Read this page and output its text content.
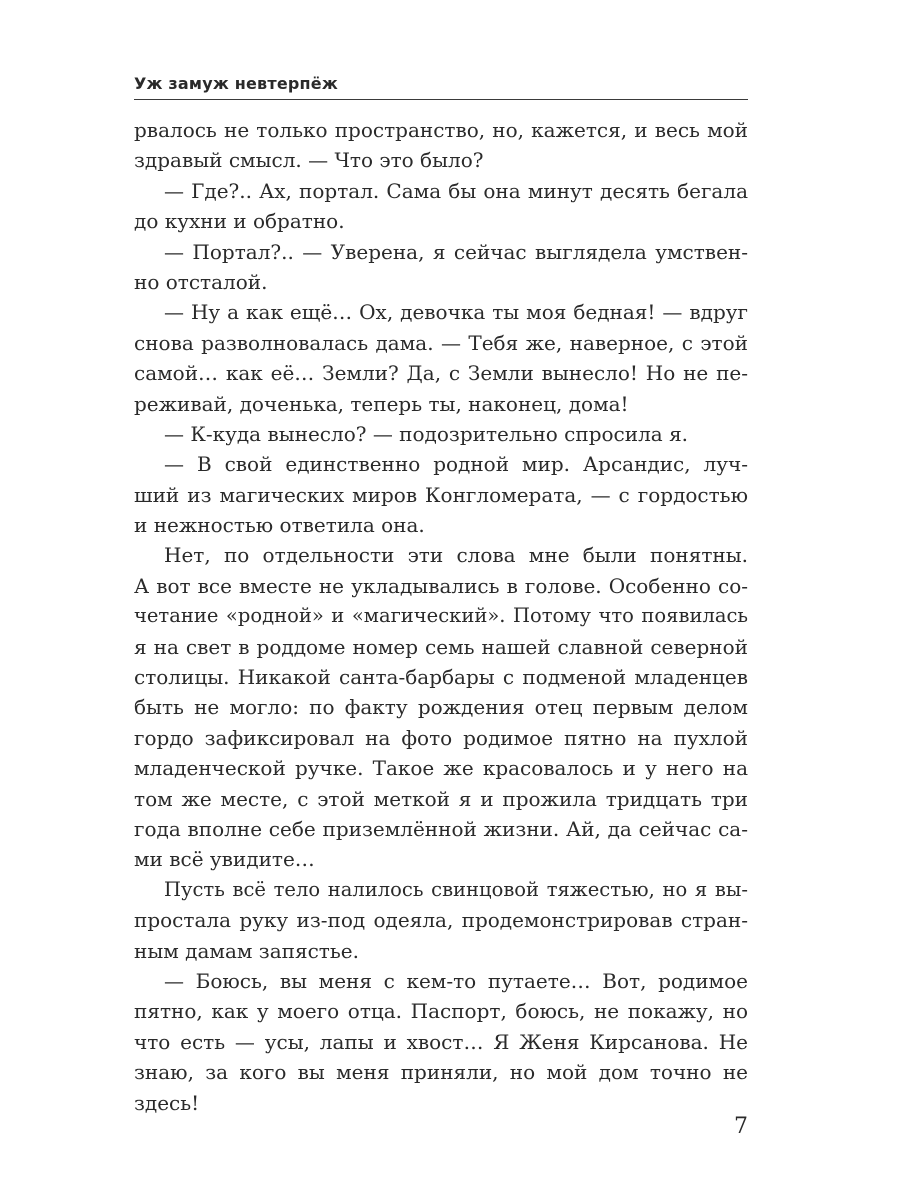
Уж замуж невтерпёж
рвалось не только пространство, но, кажется, и весь мой
здравый смысл. — Что это было?
— Где?.. Ах, портал. Сама бы она минут десять бегала
до кухни и обратно.
— Портал?.. — Уверена, я сейчас выглядела умствен-
но отсталой.
— Ну а как ещё… Ох, девочка ты моя бедная! — вдруг
снова разволновалась дама. — Тебя же, наверное, с этой
самой… как её… Земли? Да, с Земли вынесло! Но не пе-
реживай, доченька, теперь ты, наконец, дома!
— К-куда вынесло? — подозрительно спросила я.
— В свой единственно родной мир. Арсандис, луч-
ший из магических миров Конгломерата, — с гордостью
и нежностью ответила она.
Нет, по отдельности эти слова мне были понятны.
А вот все вместе не укладывались в голове. Особенно со-
четание «родной» и «магический». Потому что появилась
я на свет в роддоме номер семь нашей славной северной
столицы. Никакой санта-барбары с подменой младенцев
быть не могло: по факту рождения отец первым делом
гордо зафиксировал на фото родимое пятно на пухлой
младенческой ручке. Такое же красовалось и у него на
том же месте, с этой меткой я и прожила тридцать три
года вполне себе приземлённой жизни. Ай, да сейчас са-
ми всё увидите…
Пусть всё тело налилось свинцовой тяжестью, но я вы-
простала руку из-под одеяла, продемонстрировав стран-
ным дамам запястье.
— Боюсь, вы меня с кем-то путаете… Вот, родимое
пятно, как у моего отца. Паспорт, боюсь, не покажу, но
что есть — усы, лапы и хвост… Я Женя Кирсанова. Не
знаю, за кого вы меня приняли, но мой дом точно не
здесь!
7
